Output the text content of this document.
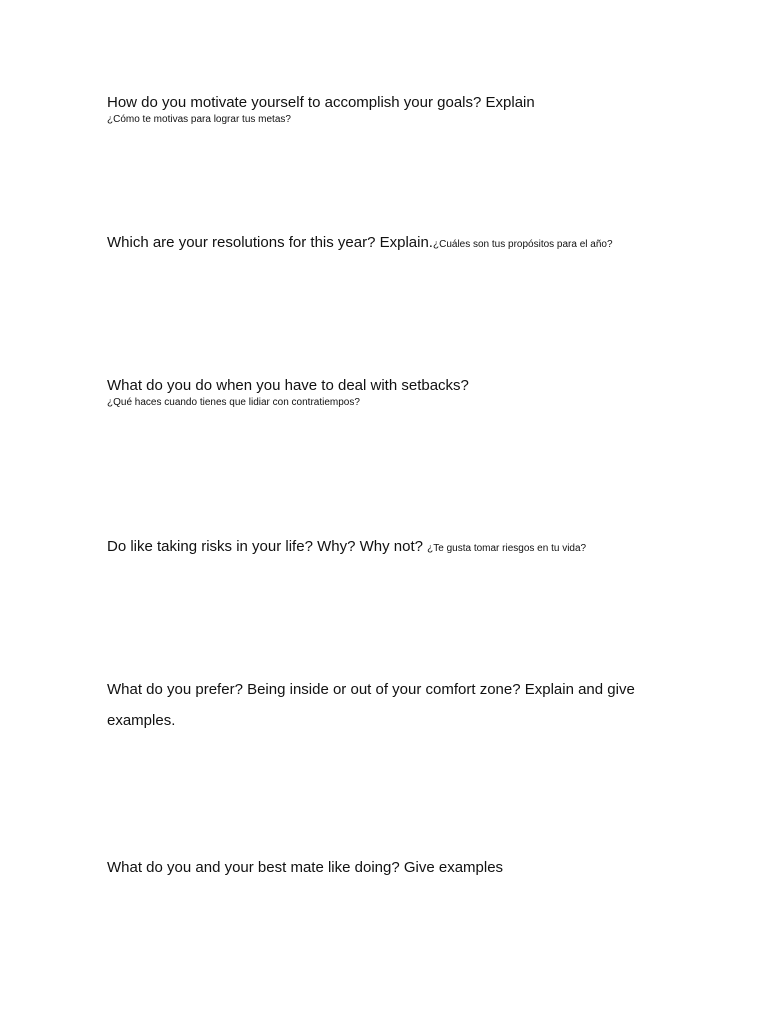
How do you motivate yourself to accomplish your goals? Explain
¿Cómo te motivas para lograr tus metas?
Which are your resolutions for this year? Explain.¿Cuáles son tus propósitos para el año?
What do you do when you have to deal with setbacks?
¿Qué haces cuando tienes que lidiar con contratiempos?
Do like taking risks in your life? Why? Why not? ¿Te gusta tomar riesgos en tu vida?
What do you prefer? Being inside or out of your comfort zone? Explain and give examples.
What do you and your best mate like doing? Give examples
